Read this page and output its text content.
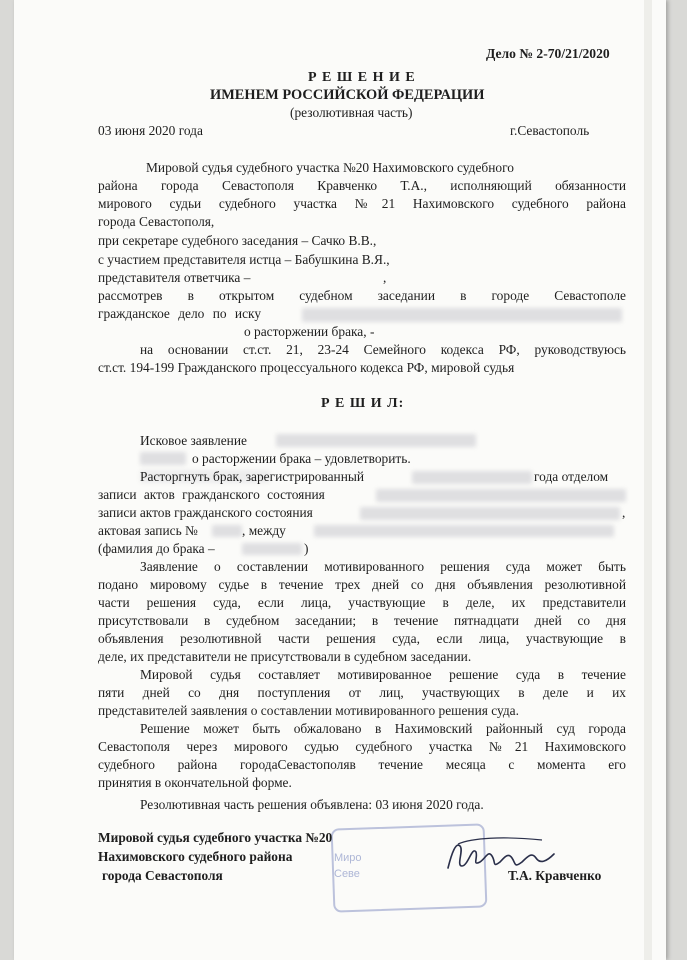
Дело № 2-70/21/2020
Р Е Ш Е Н И Е
ИМЕНЕМ РОССИЙСКОЙ ФЕДЕРАЦИИ
(резолютивная часть)
03 июня 2020 года	г.Севастополь
Мировой судья судебного участка №20 Нахимовского судебного
района города Севастополя Кравченко Т.А., исполняющий обязанности
мирового судьи судебного участка №21 Нахимовского судебного района
города Севастополя,
при секретаре судебного заседания – Сачко В.В.,
с участием представителя истца – Бабушкина В.Я.,
представителя ответчика –	,
рассмотрев в открытом судебном заседании в городе Севастополе
гражданское дело по иску
о расторжении брака, -
на основании ст.ст. 21, 23-24 Семейного кодекса РФ, руководствуюсь
ст.ст. 194-199 Гражданского процессуального кодекса РФ, мировой судья
Р Е Ш И Л:
Исковое заявление
о расторжении брака – удовлетворить.
Расторгнуть брак, зарегистрированный	года отделом
записи актов гражданского состояния
записи актов гражданского состояния	,
актовая запись №	, между
(фамилия до брака –	)
Заявление о составлении мотивированного решения суда может быть
подано мировому судье в течение трех дней со дня объявления резолютивной
части решения суда, если лица, участвующие в деле, их представители
присутствовали в судебном заседании; в течение пятнадцати дней со дня
объявления резолютивной части решения суда, если лица, участвующие в
деле, их представители не присутствовали в судебном заседании.
Мировой судья составляет мотивированное решение суда в течение
пяти дней со дня поступления от лиц, участвующих в деле и их
представителей заявления о составлении мотивированного решения суда.
Решение может быть обжаловано в Нахимовский районный суд города
Севастополя через мирового судью судебного участка №21 Нахимовского
судебного района городаСевастополяв течение месяца с момента его
принятия в окончательной форме.
Резолютивная часть решения объявлена: 03 июня 2020 года.
Миро
Севе
Мировой судья судебного участка №20
Нахимовского судебного района
города Севастополя	Т.А. Кравченко
